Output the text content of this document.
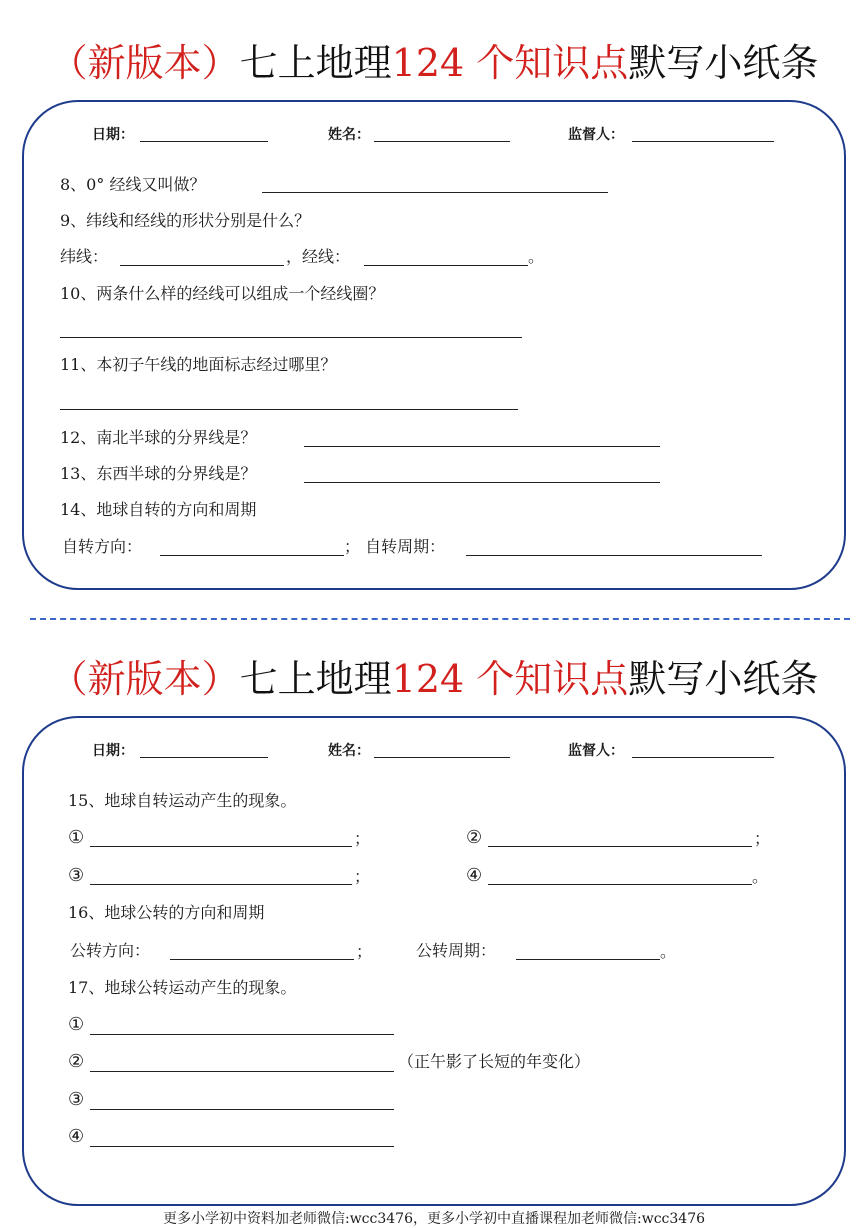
（新版本）七上地理124 个知识点默写小纸条
日期：	姓名：	监督人：
8、0° 经线又叫做？
9、纬线和经线的形状分别是什么？
纬线：	，经线：	。
10、两条什么样的经线可以组成一个经线圈？
11、本初子午线的地面标志经过哪里？
12、南北半球的分界线是？
13、东西半球的分界线是？
14、地球自转的方向和周期
自转方向：	； 自转周期：
（新版本）七上地理124 个知识点默写小纸条
日期：	姓名：	监督人：
15、地球自转运动产生的现象。
①	；	②	；
③	；	④	。
16、地球公转的方向和周期
公转方向：	；	公转周期：	。
17、地球公转运动产生的现象。
①
②	（正午影了长短的年变化）
③
④
更多小学初中资料加老师微信:wcc3476，更多小学初中直播课程加老师微信:wcc3476
